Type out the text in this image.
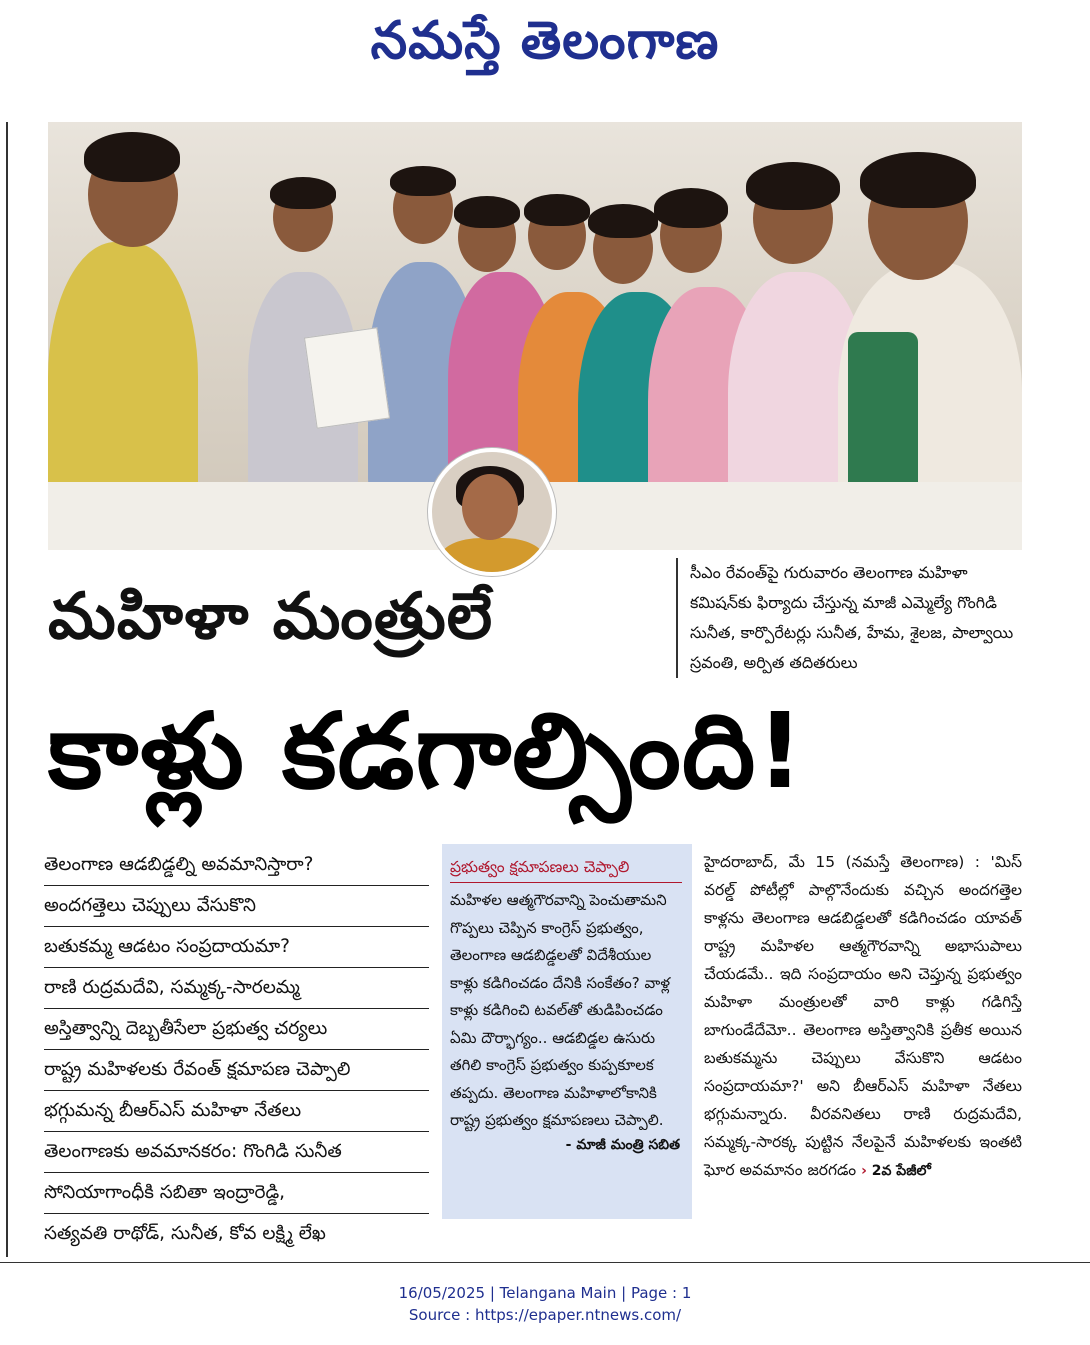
నమస్తే తెలంగాణ
సీఎం రేవంత్‌పై గురువారం తెలంగాణ మహిళా కమిషన్‌కు ఫిర్యాదు చేస్తున్న మాజీ ఎమ్మెల్యే గొంగిడి సునీత, కార్పొరేటర్లు సునీత, హేమ, శైలజ, పాల్వాయి స్రవంతి, అర్పిత తదితరులు
మహిళా మంత్రులే
కాళ్లు కడగాల్సింది!
తెలంగాణ ఆడబిడ్డల్ని అవమానిస్తారా?
అందగత్తెలు చెప్పులు వేసుకొని
బతుకమ్మ ఆడటం సంప్రదాయమా?
రాణి రుద్రమదేవి, సమ్మక్క-సారలమ్మ
అస్తిత్వాన్ని దెబ్బతీసేలా ప్రభుత్వ చర్యలు
రాష్ట్ర మహిళలకు రేవంత్ క్షమాపణ చెప్పాలి
భగ్గుమన్న బీఆర్‌ఎస్ మహిళా నేతలు
తెలంగాణకు అవమానకరం: గొంగిడి సునీత
సోనియాగాంధీకి సబితా ఇంద్రారెడ్డి,
సత్యవతి రాథోడ్, సునీత, కోవ లక్ష్మి లేఖ
ప్రభుత్వం క్షమాపణలు చెప్పాలి
మహిళల ఆత్మగౌరవాన్ని పెంచుతామని గొప్పలు చెప్పిన కాంగ్రెస్ ప్రభుత్వం, తెలంగాణ ఆడబిడ్డలతో విదేశీయుల కాళ్లు కడిగించడం దేనికి సంకేతం? వాళ్ల కాళ్లు కడిగించి టవల్‌తో తుడిపించడం ఏమి దౌర్భాగ్యం.. ఆడబిడ్డల ఉసురు తగిలి కాంగ్రెస్ ప్రభుత్వం కుప్పకూలక తప్పదు. తెలంగాణ మహిళాలోకానికి రాష్ట్ర ప్రభుత్వం క్షమాపణలు చెప్పాలి.
- మాజీ మంత్రి సబిత
హైదరాబాద్, మే 15 (నమస్తే తెలంగాణ) : 'మిస్ వరల్డ్ పోటీల్లో పాల్గొనేందుకు వచ్చిన అందగత్తెల కాళ్లను తెలంగాణ ఆడబిడ్డలతో కడిగించడం యావత్ రాష్ట్ర మహిళల ఆత్మగౌరవాన్ని అభాసుపాలు చేయడమే.. ఇది సంప్రదాయం అని చెప్తున్న ప్రభుత్వం మహిళా మంత్రులతో వారి కాళ్లు గడిగిస్తే బాగుండేదేమో.. తెలంగాణ అస్తిత్వానికి ప్రతీక అయిన బతుకమ్మను చెప్పులు వేసుకొని ఆడటం సంప్రదాయమా?' అని బీఆర్‌ఎస్ మహిళా నేతలు భగ్గుమన్నారు. వీరవనితలు రాణి రుద్రమదేవి, సమ్మక్క-సారక్క పుట్టిన నేలపైనే మహిళలకు ఇంతటి ఘోర అవమానం జరగడం › 2వ పేజీలో
16/05/2025 | Telangana Main | Page : 1
Source : https://epaper.ntnews.com/
